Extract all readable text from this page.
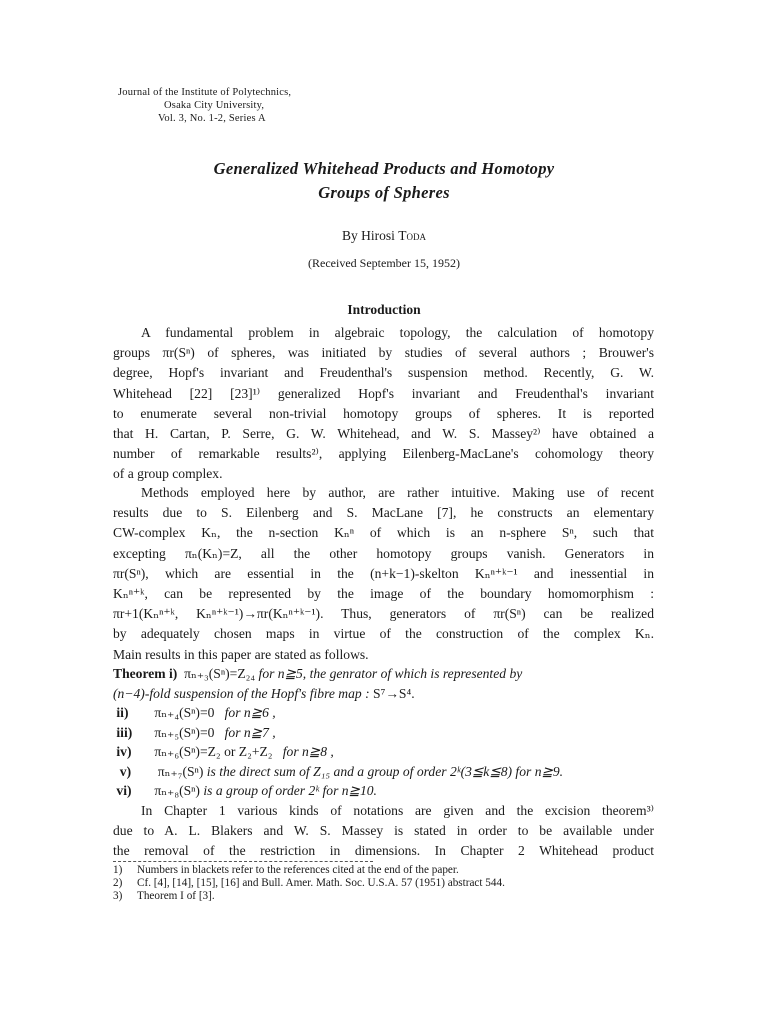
Journal of the Institute of Polytechnics,
Osaka City University,
Vol. 3, No. 1-2, Series A
Generalized Whitehead Products and Homotopy
Groups of Spheres
By Hirosi Toda
(Received September 15, 1952)
Introduction
A fundamental problem in algebraic topology, the calculation of homotopy
groups πr(Sⁿ) of spheres, was initiated by studies of several authors ; Brouwer's
degree, Hopf's invariant and Freudenthal's suspension method. Recently, G. W.
Whitehead [22] [23]¹⁾ generalized Hopf's invariant and Freudenthal's invariant
to enumerate several non-trivial homotopy groups of spheres. It is reported
that H. Cartan, P. Serre, G. W. Whitehead, and W. S. Massey²⁾ have obtained a
number of remarkable results²⁾, applying Eilenberg-MacLane's cohomology theory
of a group complex.
Methods employed here by author, are rather intuitive. Making use of recent
results due to S. Eilenberg and S. MacLane [7], he constructs an elementary
CW-complex Kₙ, the n-section Kₙⁿ of which is an n-sphere Sⁿ, such that
excepting πₙ(Kₙ)=Z, all the other homotopy groups vanish. Generators in
πr(Sⁿ), which are essential in the (n+k−1)-skelton Kₙⁿ⁺ᵏ⁻¹ and inessential in
Kₙⁿ⁺ᵏ, can be represented by the image of the boundary homomorphism :
πr+1(Kₙⁿ⁺ᵏ, Kₙⁿ⁺ᵏ⁻¹)→πr(Kₙⁿ⁺ᵏ⁻¹). Thus, generators of πr(Sⁿ) can be realized
by adequately chosen maps in virtue of the construction of the complex Kₙ.
Main results in this paper are stated as follows.
Theorem i) πₙ₊₃(Sⁿ)=Z₂₄ for n≧5, the genrator of which is represented by
(n−4)-fold suspension of the Hopf's fibre map : S⁷→S⁴.
ii) πₙ₊₄(Sⁿ)=0 for n≧6 ,
iii) πₙ₊₅(Sⁿ)=0 for n≧7 ,
iv) πₙ₊₆(Sⁿ)=Z₂ or Z₂+Z₂ for n≧8 ,
v) πₙ₊₇(Sⁿ) is the direct sum of Z₁₅ and a group of order 2ᵏ(3≦k≦8) for n≧9.
vi) πₙ₊₈(Sⁿ) is a group of order 2ᵏ for n≧10.
In Chapter 1 various kinds of notations are given and the excision theorem³⁾
due to A. L. Blakers and W. S. Massey is stated in order to be available under
the removal of the restriction in dimensions. In Chapter 2 Whitehead product
1) Numbers in blackets refer to the references cited at the end of the paper.
2) Cf. [4], [14], [15], [16] and Bull. Amer. Math. Soc. U.S.A. 57 (1951) abstract 544.
3) Theorem I of [3].
